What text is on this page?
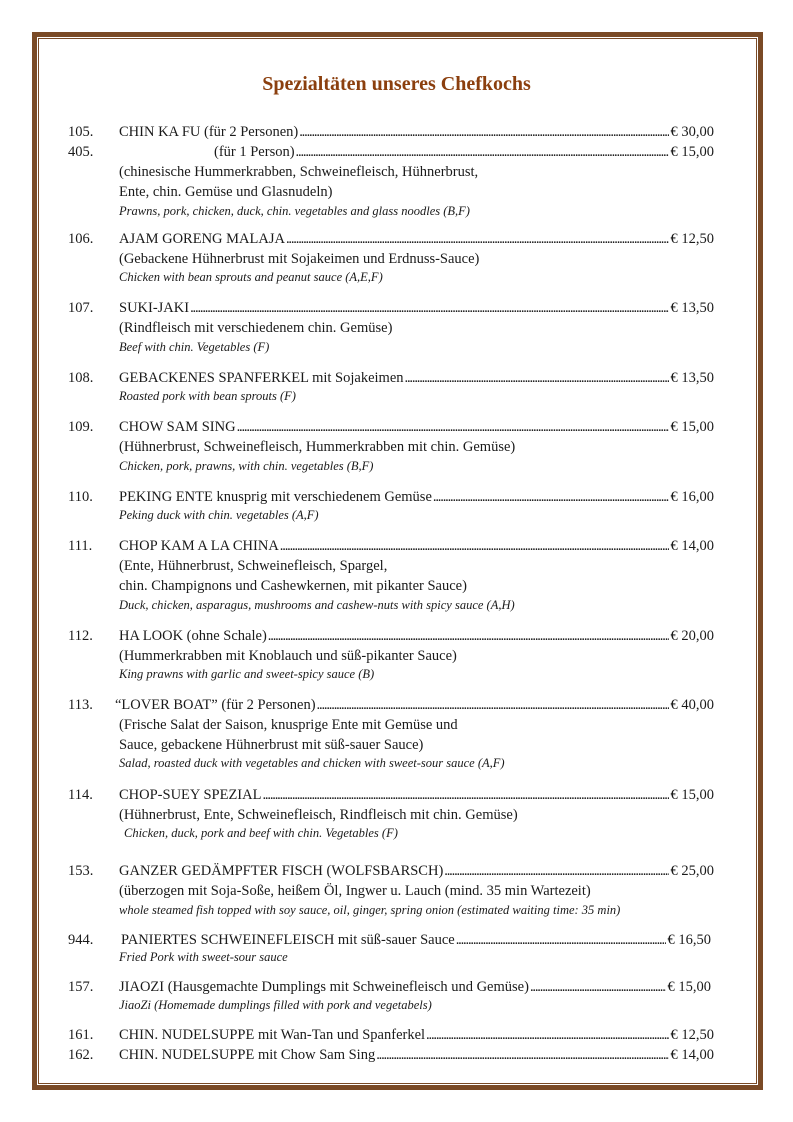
Spezialtäten unseres Chefkochs
105. CHIN KA FU (für 2 Personen) . . .	€ 30,00
405.	(für 1 Person) . . .	€ 15,00
(chinesische Hummerkrabben, Schweinefleisch, Hühnerbrust,
Ente, chin. Gemüse und Glasnudeln)
Prawns, pork, chicken, duck, chin. vegetables and glass noodles (B,F)
106. AJAM GORENG MALAJA . . .	€ 12,50
(Gebackene Hühnerbrust mit Sojakeimen und Erdnuss-Sauce)
Chicken with bean sprouts and peanut sauce (A,E,F)
107. SUKI-JAKI . . .	€ 13,50
(Rindfleisch mit verschiedenem chin. Gemüse)
Beef with chin. Vegetables (F)
108. GEBACKENES SPANFERKEL mit Sojakeimen . . .	€ 13,50
Roasted pork with bean sprouts (F)
109. CHOW SAM SING . . .	€ 15,00
(Hühnerbrust, Schweinefleisch, Hummerkrabben mit chin. Gemüse)
Chicken, pork, prawns, with chin. vegetables (B,F)
110. PEKING ENTE knusprig mit verschiedenem Gemüse . . .	€ 16,00
Peking duck with chin. vegetables (A,F)
111. CHOP KAM A LA CHINA . . .	€ 14,00
(Ente, Hühnerbrust, Schweinefleisch, Spargel,
chin. Champignons und Cashewkernen, mit pikanter Sauce)
Duck, chicken, asparagus, mushrooms and cashew-nuts with spicy sauce (A,H)
112. HA LOOK (ohne Schale) . . .	€ 20,00
(Hummerkrabben mit Knoblauch und süß-pikanter Sauce)
King prawns with garlic and sweet-spicy sauce (B)
113. “LOVER BOAT” (für 2 Personen) . . .	€ 40,00
(Frische Salat der Saison, knusprige Ente mit Gemüse und
Sauce, gebackene Hühnerbrust mit süß-sauer Sauce)
Salad, roasted duck with vegetables and chicken with sweet-sour sauce (A,F)
114. CHOP-SUEY SPEZIAL . . .	€ 15,00
(Hühnerbrust, Ente, Schweinefleisch, Rindfleisch mit chin. Gemüse)
Chicken, duck, pork and beef with chin. Vegetables (F)
153. GANZER GEDÄMPFTER FISCH (WOLFSBARSCH) . . .	€ 25,00
(überzogen mit Soja-Soße, heißem Öl, Ingwer u. Lauch (mind. 35 min Wartezeit)
whole steamed fish topped with soy sauce, oil, ginger, spring onion (estimated waiting time: 35 min)
944. PANIERTES SCHWEINEFLEISCH mit süß-sauer Sauce . . .	€ 16,50
Fried Pork with sweet-sour sauce
157. JIAOZI (Hausgemachte Dumplings mit Schweinefleisch und Gemüse) . . .	€ 15,00
JiaoZi (Homemade dumplings filled with pork and vegetabels)
161. CHIN. NUDELSUPPE mit Wan-Tan und Spanferkel . . .	€ 12,50
162. CHIN. NUDELSUPPE mit Chow Sam Sing . . .	€ 14,00
